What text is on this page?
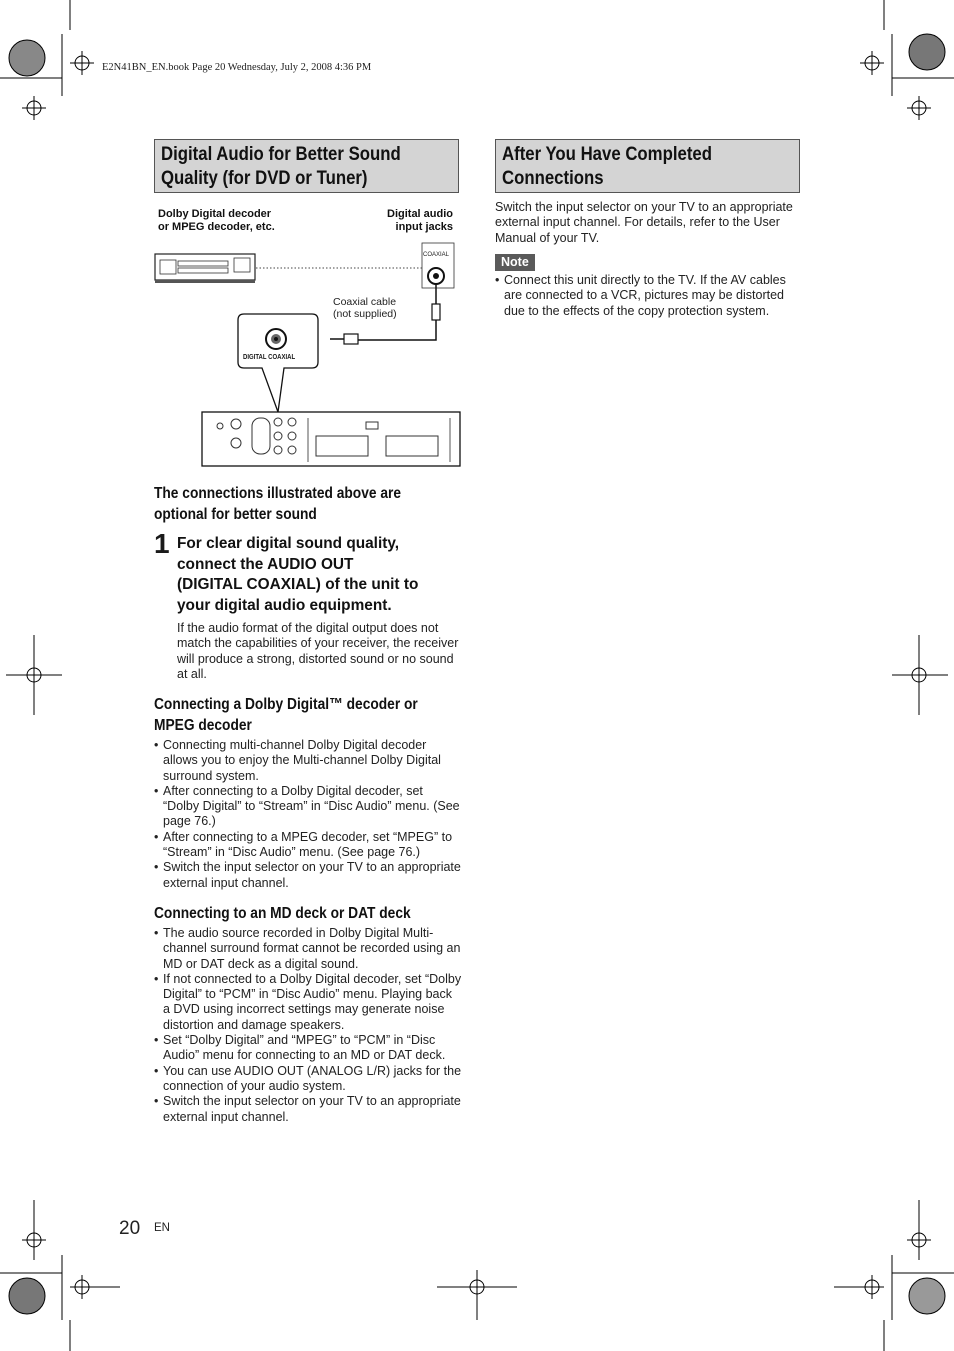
E2N41BN_EN.book Page 20 Wednesday, July 2, 2008 4:36 PM
Digital Audio for Better Sound
Quality (for DVD or Tuner)
Dolby Digital decoder
or MPEG decoder, etc.
Digital audio
input jacks
COAXIAL
Coaxial cable
(not supplied)
DIGITAL COAXIAL
The connections illustrated above are
optional for better sound
1 For clear digital sound quality,
connect the AUDIO OUT
(DIGITAL COAXIAL) of the unit to
your digital audio equipment.
If the audio format of the digital output does not match the capabilities of your receiver, the receiver will produce a strong, distorted sound or no sound at all.
Connecting a Dolby Digital™ decoder or
MPEG decoder
• Connecting multi-channel Dolby Digital decoder allows you to enjoy the Multi-channel Dolby Digital surround system.
• After connecting to a Dolby Digital decoder, set “Dolby Digital” to “Stream” in “Disc Audio” menu. (See page 76.)
• After connecting to a MPEG decoder, set “MPEG” to “Stream” in “Disc Audio” menu. (See page 76.)
• Switch the input selector on your TV to an appropriate external input channel.
Connecting to an MD deck or DAT deck
• The audio source recorded in Dolby Digital Multi-channel surround format cannot be recorded using an MD or DAT deck as a digital sound.
• If not connected to a Dolby Digital decoder, set “Dolby Digital” to “PCM” in “Disc Audio” menu. Playing back a DVD using incorrect settings may generate noise distortion and damage speakers.
• Set “Dolby Digital” and “MPEG” to “PCM” in “Disc Audio” menu for connecting to an MD or DAT deck.
• You can use AUDIO OUT (ANALOG L/R) jacks for the connection of your audio system.
• Switch the input selector on your TV to an appropriate external input channel.
After You Have Completed
Connections
Switch the input selector on your TV to an appropriate external input channel. For details, refer to the User Manual of your TV.
Note
• Connect this unit directly to the TV. If the AV cables are connected to a VCR, pictures may be distorted due to the effects of the copy protection system.
20 EN
